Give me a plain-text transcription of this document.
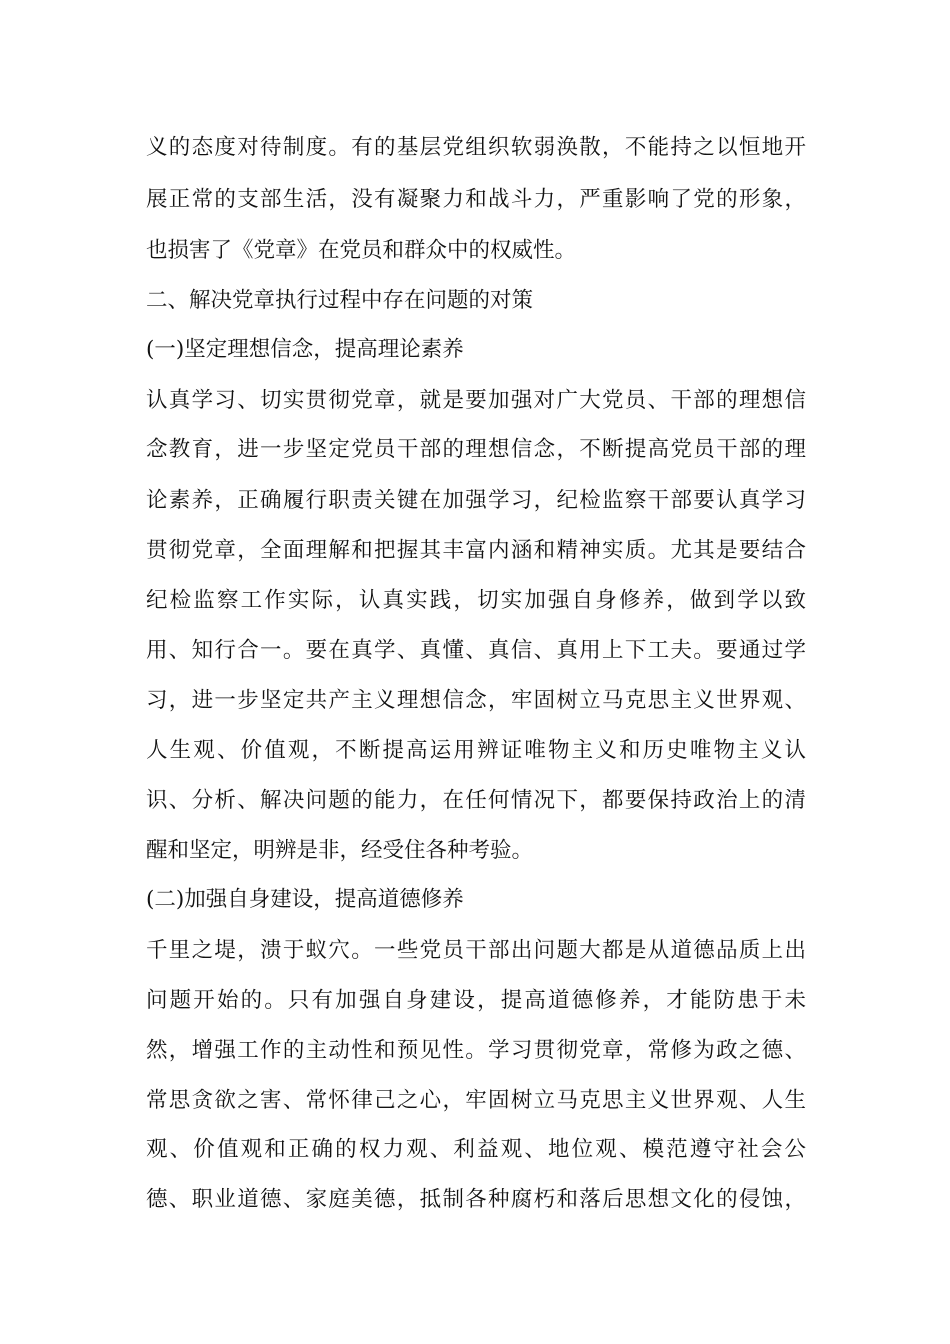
义的态度对待制度。有的基层党组织软弱涣散，不能持之以恒地开
展正常的支部生活，没有凝聚力和战斗力，严重影响了党的形象，
也损害了《党章》在党员和群众中的权威性。
二、解决党章执行过程中存在问题的对策
(一)坚定理想信念，提高理论素养
认真学习、切实贯彻党章，就是要加强对广大党员、干部的理想信
念教育，进一步坚定党员干部的理想信念，不断提高党员干部的理
论素养，正确履行职责关键在加强学习，纪检监察干部要认真学习
贯彻党章，全面理解和把握其丰富内涵和精神实质。尤其是要结合
纪检监察工作实际，认真实践，切实加强自身修养，做到学以致
用、知行合一。要在真学、真懂、真信、真用上下工夫。要通过学
习，进一步坚定共产主义理想信念，牢固树立马克思主义世界观、
人生观、价值观，不断提高运用辨证唯物主义和历史唯物主义认
识、分析、解决问题的能力，在任何情况下，都要保持政治上的清
醒和坚定，明辨是非，经受住各种考验。
(二)加强自身建设，提高道德修养
千里之堤，溃于蚁穴。一些党员干部出问题大都是从道德品质上出
问题开始的。只有加强自身建设，提高道德修养，才能防患于未
然，增强工作的主动性和预见性。学习贯彻党章，常修为政之德、
常思贪欲之害、常怀律己之心，牢固树立马克思主义世界观、人生
观、价值观和正确的权力观、利益观、地位观、模范遵守社会公
德、职业道德、家庭美德，抵制各种腐朽和落后思想文化的侵蚀，
